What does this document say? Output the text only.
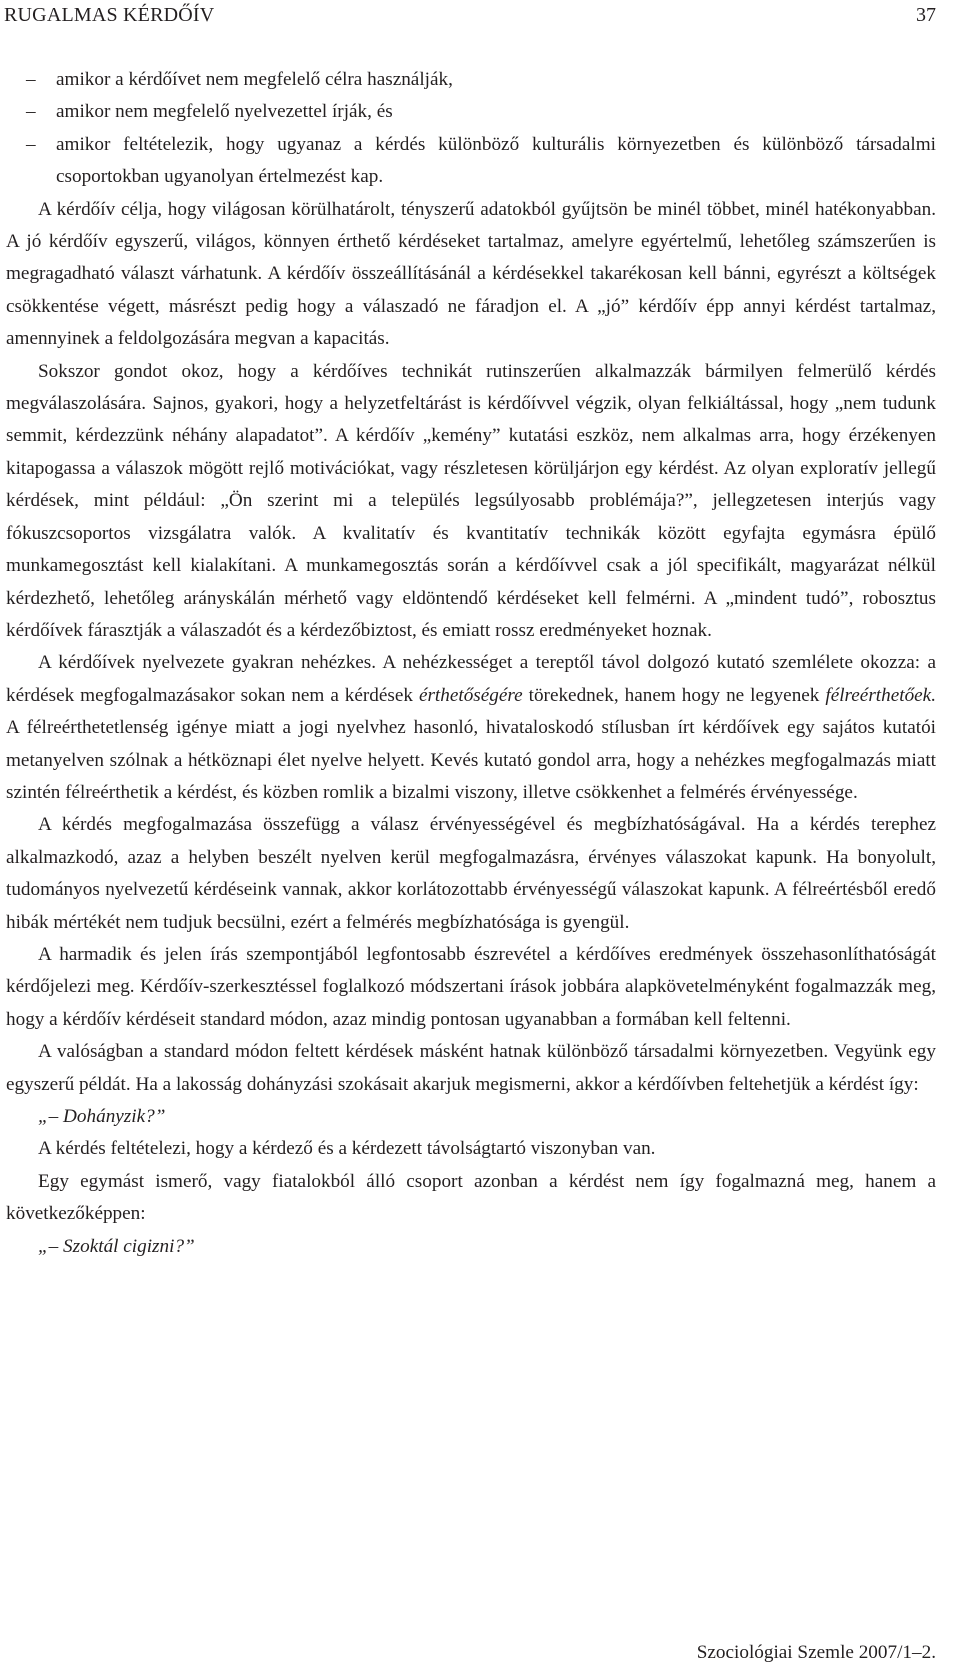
RUGALMAS KÉRDŐÍV	37
– amikor a kérdőívet nem megfelelő célra használják,
– amikor nem megfelelő nyelvezettel írják, és
– amikor feltételezik, hogy ugyanaz a kérdés különböző kulturális környezetben és különböző társadalmi csoportokban ugyanolyan értelmezést kap.

A kérdőív célja, hogy világosan körülhatárolt, tényszerű adatokból gyűjtsön be minél többet, minél hatékonyabban. A jó kérdőív egyszerű, világos, könnyen érthető kérdéseket tartalmaz, amelyre egyértelmű, lehetőleg számszerűen is megragadható választ várhatunk. A kérdőív összeállításánál a kérdésekkel takarékosan kell bánni, egyrészt a költségek csökkentése végett, másrészt pedig hogy a válaszadó ne fáradjon el. A „jó” kérdőív épp annyi kérdést tartalmaz, amennyinek a feldolgozására megvan a kapacitás.

Sokszor gondot okoz, hogy a kérdőíves technikát rutinszerűen alkalmazzák bármilyen felmerülő kérdés megválaszolására. Sajnos, gyakori, hogy a helyzetfeltárást is kérdőívvel végzik, olyan felkiáltással, hogy „nem tudunk semmit, kérdezzünk néhány alapadatot”. A kérdőív „kemény” kutatási eszköz, nem alkalmas arra, hogy érzékenyen kitapogassa a válaszok mögött rejlő motivációkat, vagy részletesen körüljárjon egy kérdést. Az olyan exploratív jellegű kérdések, mint például: „Ön szerint mi a település legsúlyosabb problémája?”, jellegzetesen interjús vagy fókuszcsoportos vizsgálatra valók. A kvalitatív és kvantitatív technikák között egyfajta egymásra épülő munkamegosztást kell kialakítani. A munkamegosztás során a kérdőívvel csak a jól specifikált, magyarázat nélkül kérdezhető, lehetőleg arányskálán mérhető vagy eldöntendő kérdéseket kell felmérni. A „mindent tudó”, robosztus kérdőívek fárasztják a válaszadót és a kérdezőbiztost, és emiatt rossz eredményeket hoznak.

A kérdőívek nyelvezete gyakran nehézkes. A nehézkességet a tereptől távol dolgozó kutató szemlélete okozza: a kérdések megfogalmazásakor sokan nem a kérdések érthetőségére törekednek, hanem hogy ne legyenek félreérthetőek. A félreérthetetlenség igénye miatt a jogi nyelvhez hasonló, hivataloskodó stílusban írt kérdőívek egy sajátos kutatói metanyelven szólnak a hétköznapi élet nyelve helyett. Kevés kutató gondol arra, hogy a nehézkes megfogalmazás miatt szintén félreérthetik a kérdést, és közben romlik a bizalmi viszony, illetve csökkenhet a felmérés érvényessége.

A kérdés megfogalmazása összefügg a válasz érvényességével és megbízhatóságával. Ha a kérdés terephez alkalmazkodó, azaz a helyben beszélt nyelven kerül megfogalmazásra, érvényes válaszokat kapunk. Ha bonyolult, tudományos nyelvezetű kérdéseink vannak, akkor korlátozottabb érvényességű válaszokat kapunk. A félreértésből eredő hibák mértékét nem tudjuk becsülni, ezért a felmérés megbízhatósága is gyengül.

A harmadik és jelen írás szempontjából legfontosabb észrevétel a kérdőíves eredmények összehasonlíthatóságát kérdőjelezi meg. Kérdőív-szerkesztéssel foglalkozó módszertani írások jobbára alapkövetelményként fogalmazzák meg, hogy a kérdőív kérdéseit standard módon, azaz mindig pontosan ugyanabban a formában kell feltenni.

A valóságban a standard módon feltett kérdések másként hatnak különböző társadalmi környezetben. Vegyünk egy egyszerű példát. Ha a lakosság dohányzási szokásait akarjuk megismerni, akkor a kérdőívben feltehetjük a kérdést így:

„– Dohányzik?”

A kérdés feltételezi, hogy a kérdező és a kérdezett távolságtartó viszonyban van.

Egy egymást ismerő, vagy fiatalokból álló csoport azonban a kérdést nem így fogalmazná meg, hanem a következőképpen:

„– Szoktál cigizni?”

Szociológiai Szemle 2007/1–2.
